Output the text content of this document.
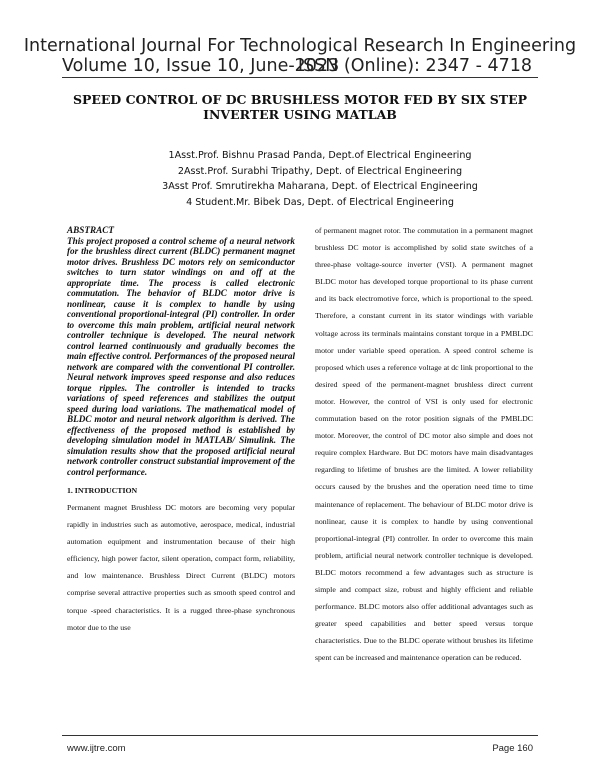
International Journal For Technological Research In Engineering
Volume 10, Issue 10, June-2023
ISSN (Online): 2347 - 4718
SPEED CONTROL OF DC BRUSHLESS MOTOR FED BY SIX STEP INVERTER USING MATLAB
1Asst.Prof. Bishnu Prasad Panda, Dept.of Electrical Engineering
2Asst.Prof. Surabhi Tripathy, Dept. of Electrical Engineering
3Asst Prof. Smrutirekha Maharana, Dept. of Electrical Engineering
4 Student.Mr. Bibek Das, Dept. of Electrical Engineering
ABSTRACT
This project proposed a control scheme of a neural network for the brushless direct current (BLDC) permanent magnet motor drives. Brushless DC motors rely on semiconductor switches to turn stator windings on and off at the appropriate time. The process is called electronic commutation. The behavior of BLDC motor drive is nonlinear, cause it is complex to handle by using conventional proportional-integral (PI) controller. In order to overcome this main problem, artificial neural network controller technique is developed. The neural network control learned continuously and gradually becomes the main effective control. Performances of the proposed neural network are compared with the conventional PI controller. Neural network improves speed response and also reduces torque ripples. The controller is intended to tracks variations of speed references and stabilizes the output speed during load variations. The mathematical model of BLDC motor and neural network algorithm is derived. The effectiveness of the proposed method is established by developing simulation model in MATLAB/ Simulink. The simulation results show that the proposed artificial neural network controller construct substantial improvement of the control performance.
1. INTRODUCTION
Permanent magnet Brushless DC motors are becoming very popular rapidly in industries such as automotive, aerospace, medical, industrial automation equipment and instrumentation because of their high efficiency, high power factor, silent operation, compact form, reliability, and low maintenance. Brushless Direct Current (BLDC) motors comprise several attractive properties such as smooth speed control and torque -speed characteristics. It is a rugged three-phase synchronous motor due to the use

of permanent magnet rotor. The commutation in a permanent magnet brushless DC motor is accomplished by solid state switches of a three-phase voltage-source inverter (VSI). A permanent magnet BLDC motor has developed torque proportional to its phase current and its back electromotive force, which is proportional to the speed. Therefore, a constant current in its stator windings with variable voltage across its terminals maintains constant torque in a PMBLDC motor under variable speed operation. A speed control scheme is proposed which uses a reference voltage at dc link proportional to the desired speed of the permanent-magnet brushless direct current motor. However, the control of VSI is only used for electronic commutation based on the rotor position signals of the PMBLDC motor. Moreover, the control of DC motor also simple and does not require complex Hardware. But DC motors have main disadvantages regarding to lifetime of brushes are the limited. A lower reliability occurs caused by the brushes and the operation need time to time maintenance of replacement. The behaviour of BLDC motor drive is nonlinear, cause it is complex to handle by using conventional proportional-integral (PI) controller. In order to overcome this main problem, artificial neural network controller technique is developed. BLDC motors recommend a few advantages such as structure is simple and compact size, robust and highly efficient and reliable performance. BLDC motors also offer additional advantages such as greater speed capabilities and better speed versus torque characteristics. Due to the BLDC operate without brushes its lifetime spent can be increased and maintenance operation can be reduced.

www.ijtre.com	Page 160
